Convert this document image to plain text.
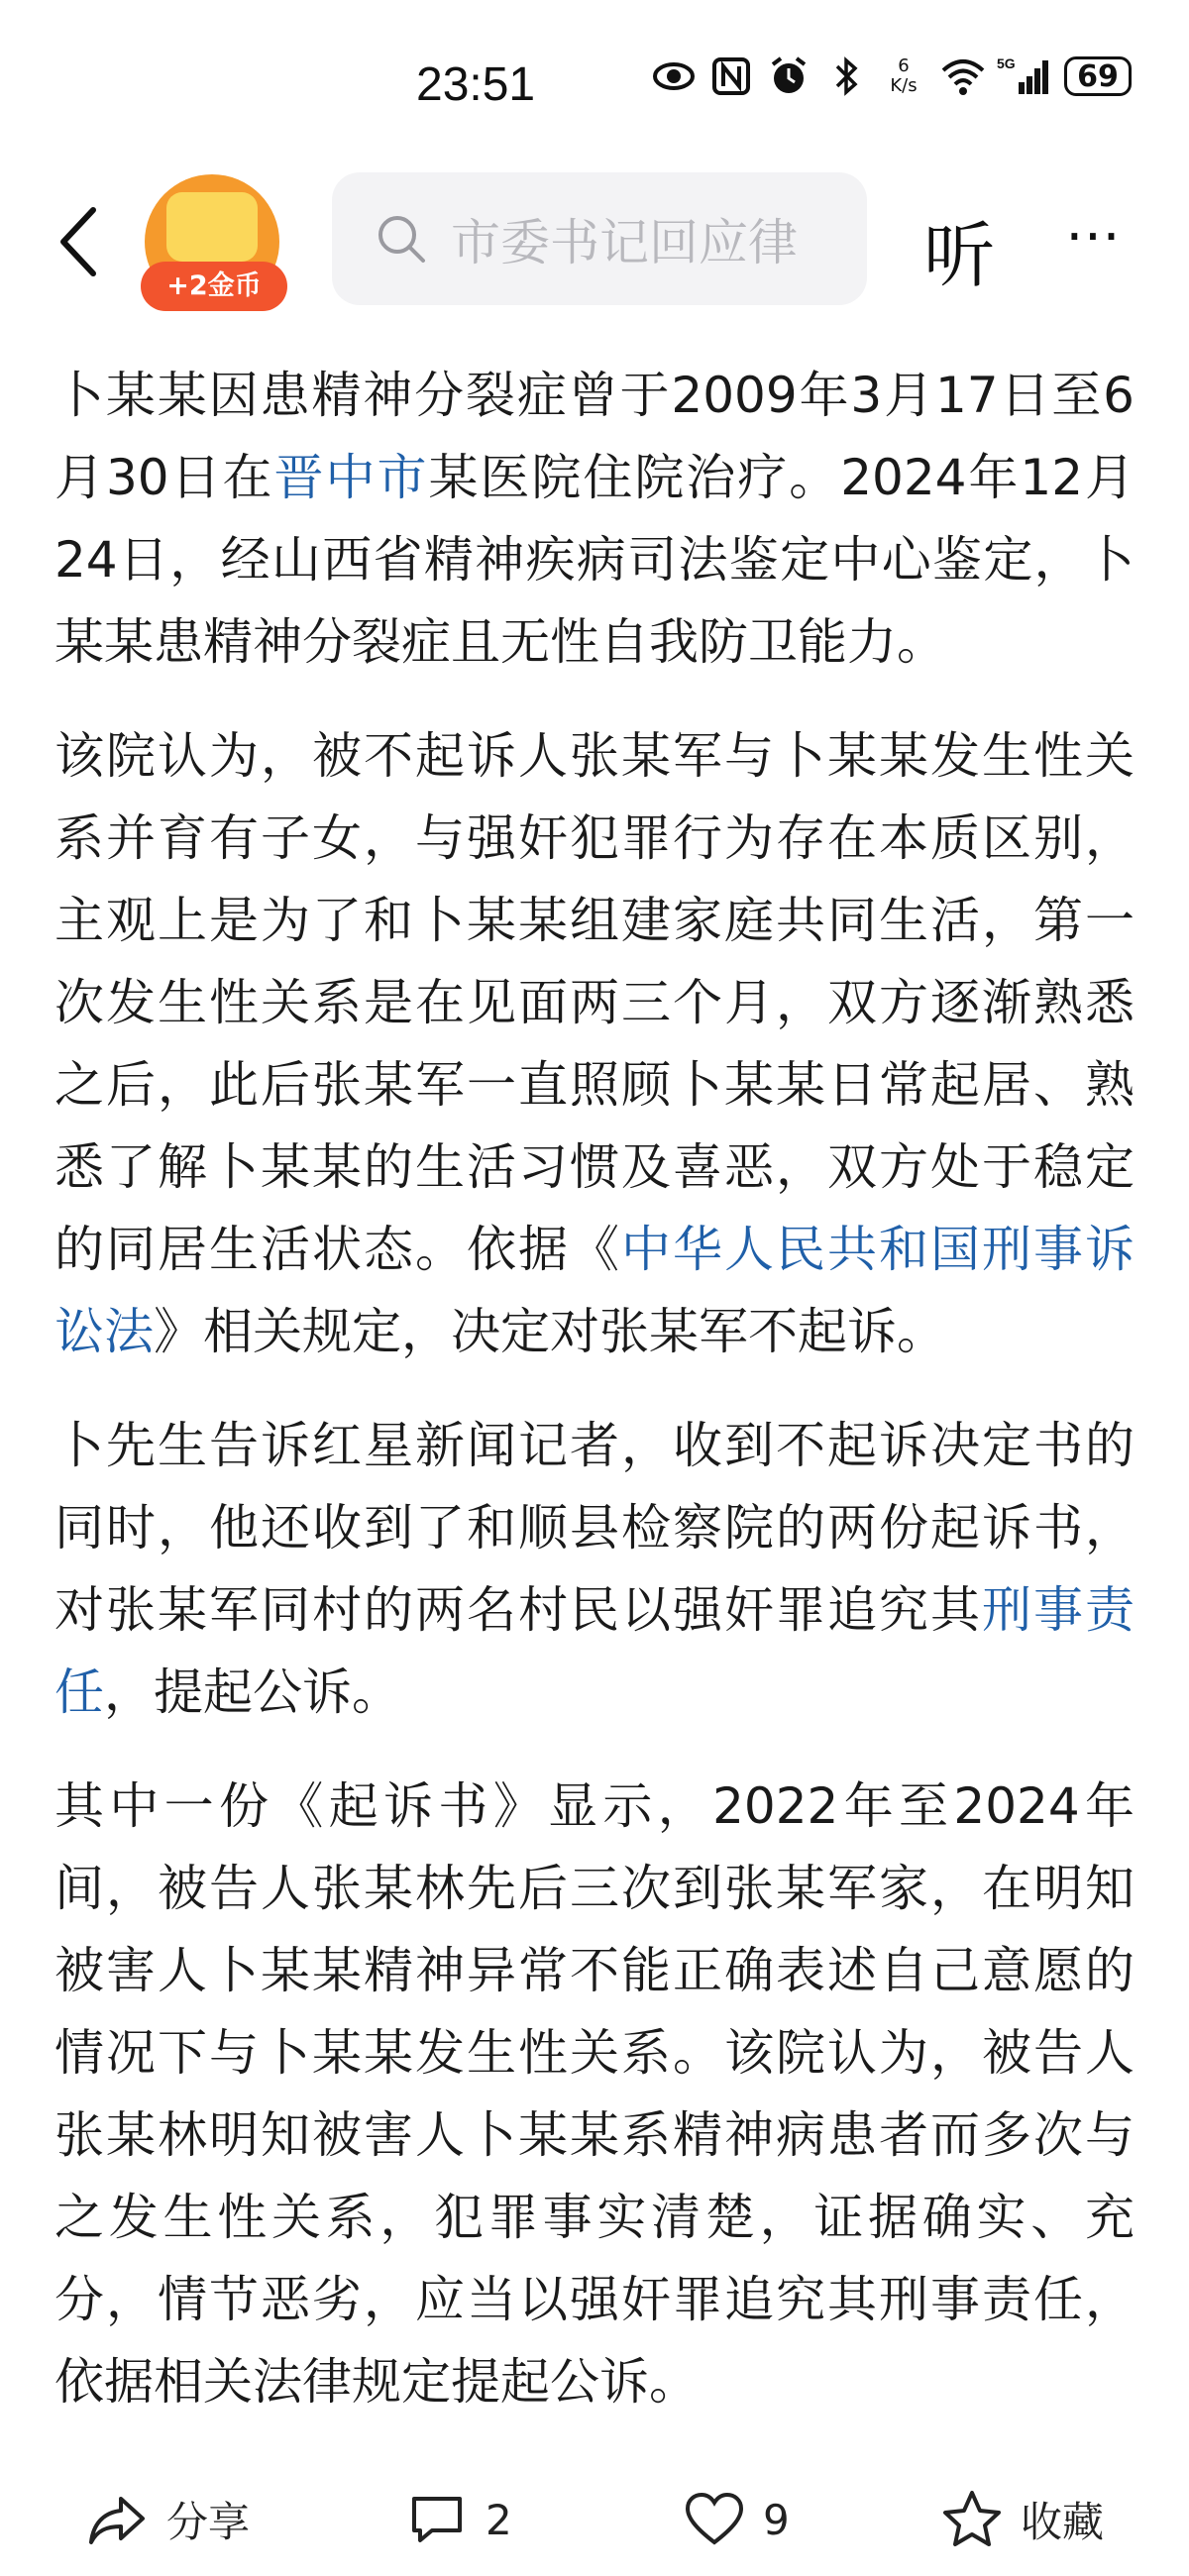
23:51	6
K/s
5G	69
+2金币
市委书记回应律 听 ⋯

卜某某因患精神分裂症曾于2009年3月17日至6月30日在晋中市某医院住院治疗。2024年12月24日，经山西省精神疾病司法鉴定中心鉴定，卜某某患精神分裂症且无性自我防卫能力。

该院认为，被不起诉人张某军与卜某某发生性关系并育有子女，与强奸犯罪行为存在本质区别，主观上是为了和卜某某组建家庭共同生活，第一次发生性关系是在见面两三个月，双方逐渐熟悉之后，此后张某军一直照顾卜某某日常起居、熟悉了解卜某某的生活习惯及喜恶，双方处于稳定的同居生活状态。依据《中华人民共和国刑事诉讼法》相关规定，决定对张某军不起诉。

卜先生告诉红星新闻记者，收到不起诉决定书的同时，他还收到了和顺县检察院的两份起诉书，对张某军同村的两名村民以强奸罪追究其刑事责任，提起公诉。

其中一份《起诉书》显示，2022年至2024年间，被告人张某林先后三次到张某军家，在明知被害人卜某某精神异常不能正确表述自己意愿的情况下与卜某某发生性关系。该院认为，被告人张某林明知被害人卜某某系精神病患者而多次与之发生性关系，犯罪事实清楚，证据确实、充分，情节恶劣，应当以强奸罪追究其刑事责任，依据相关法律规定提起公诉。

分享	2	9	收藏
